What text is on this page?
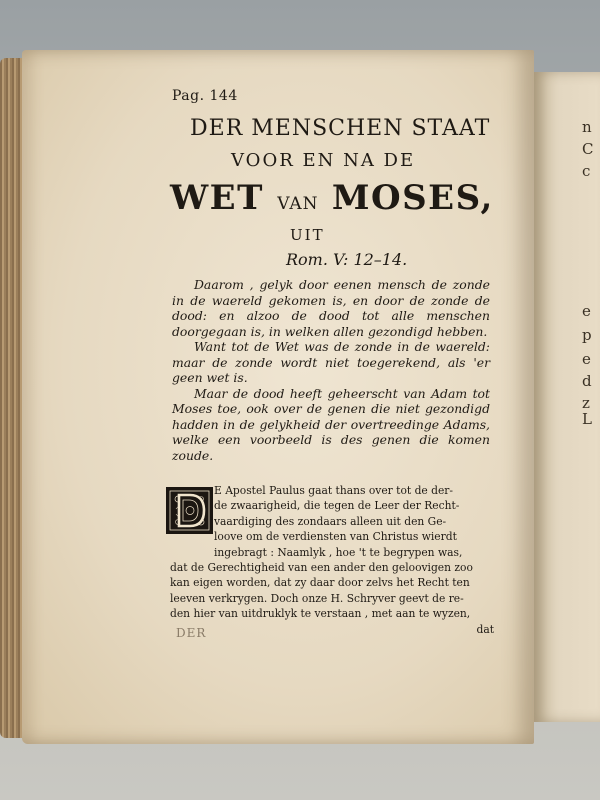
n
C
c
e
p
e
d
z
L
Pag. 144
DER MENSCHEN STAAT
VOOR EN NA DE
WET VAN MOSES,
UIT
Rom. V: 12–14.

Daarom , gelyk door eenen mensch de zonde in de waereld gekomen is, en door de zonde de dood: en alzoo de dood tot alle menschen doorgegaan is, in welken allen gezondigd hebben.

Want tot de Wet was de zonde in de waereld: maar de zonde wordt niet toegerekend, als 'er geen wet is.

Maar de dood heeft geheerscht van Adam tot Moses toe, ook over de genen die niet gezondigd hadden in de gelykheid der overtreedinge Adams, welke een voorbeeld is des genen die komen zoude.

E Apostel Paulus gaat thans over tot de der-
de zwaarigheid, die tegen de Leer der Recht-
vaardiging des zondaars alleen uit den Ge-
loove om de verdiensten van Christus wierdt
ingebragt : Naamlyk , hoe 't te begrypen was,
dat de Gerechtigheid van een ander den geloovigen zoo
kan eigen worden, dat zy daar door zelvs het Recht ten
leeven verkrygen. Doch onze H. Schryver geevt de re-
den hier van uitdruklyk te verstaan , met aan te wyzen,
dat
DER
